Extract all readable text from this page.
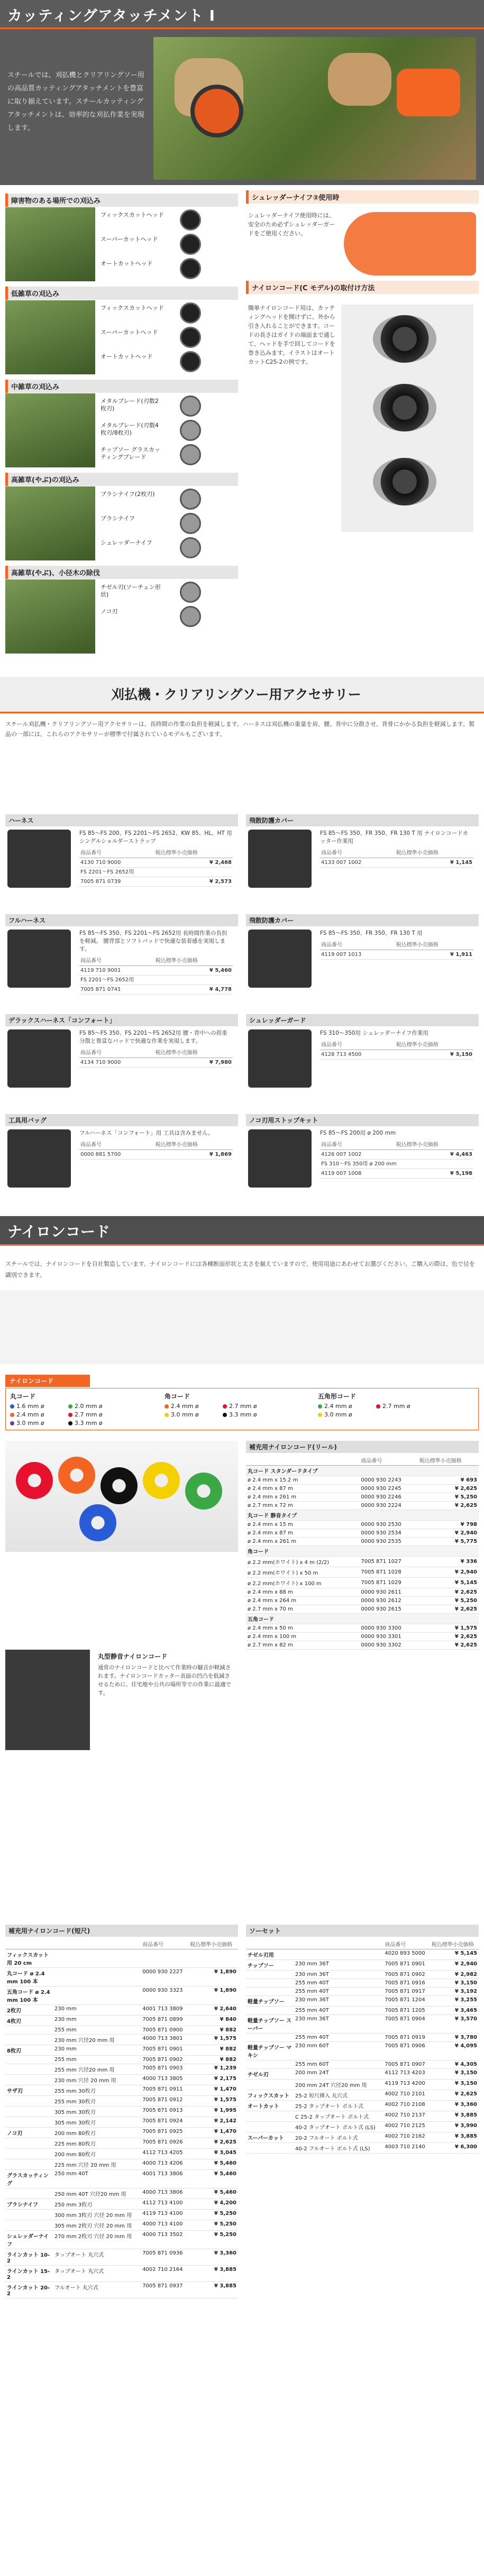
カッティングアタッチメント I
スチールでは、刈払機とクリアリングソー用の高品質カッティングアタッチメントを豊富に取り揃えています。スチールカッティングアタッチメントは、効率的な刈払作業を実現します。
障害物のある場所での刈込み
フィックスカットヘッド
スーパーカットヘッド
オートカットヘッド
低雑草の刈込み
フィックスカットヘッド
スーパーカットヘッド
オートカットヘッド
中雑草の刈込み
メタルブレード(刃数2枚刃)
メタルブレード(刃数4枚刃/8枚刃)
チップソー グラスカッティングブレード
高雑草(やぶ)の刈込み
ブラシナイフ(2枚刃)
ブラシナイフ
シュレッダーナイフ
高雑草(やぶ)、小径木の除伐
チゼル刃(ソーチェン形状)
ノコ刃
シュレッダーナイフ②使用時
シュレッダーナイフ使用時には、安全のため必ずシュレッダーガードをご使用ください。
ナイロンコード(C モデル)の取付け方法
簡単ナイロンコード用は、カッティングヘッドを開けずに、外から引き入れることができます。コードの長さはガイドの端面まで通して、ヘッドを手で回してコードを巻き込みます。イラストはオートカットC25-2の例です。
刈払機・クリアリングソー用アクセサリー
スチール刈払機・クリアリングソー用アクセサリーは、長時間の作業の負担を軽減します。ハーネスは刈払機の重量を肩、腰、背中に分散させ、背骨にかかる負担を軽減します。製品の一部には、これらのアクセサリーが標準で付属されているモデルもございます。
ハーネス
FS 85〜FS 200、FS 2201〜FS 2652、KW 85、HL、HT 用 シングルショルダーストラップ
商品番号	税込標準小売価格
4130 710 9000	¥ 2,468
FS 2201〜FS 2652用	
7005 871 0739	¥ 2,573
フルハーネス
FS 85〜FS 350、FS 2201〜FS 2652用 長時間作業の負担を軽減。 腰背部とソフトパッドで快適な装着感を実現します。
商品番号	税込標準小売価格
4119 710 9001	¥ 5,460
FS 2201〜FS 2652用	
7005 871 0741	¥ 4,778
デラックスハーネス「コンフォート」
FS 85〜FS 350、FS 2201〜FS 2652用 腰・背中への荷重分散と豊富なパッドで快適な作業を実現します。
商品番号	税込標準小売価格
4134 710 9000	¥ 7,980
工具用バッグ
フルハーネス「コンフォート」用 工具は含みません。
商品番号	税込標準小売価格
0000 881 5700	¥ 1,869
飛散防護カバー
FS 85〜FS 350、FR 350、FR 130 T 用 ナイロンコードカッター作業用
商品番号	税込標準小売価格
4133 007 1002	¥ 1,145
飛散防護カバー
FS 85〜FS 350、FR 350、FR 130 T 用
商品番号	税込標準小売価格
4119 007 1013	¥ 1,911
シュレッダーガード
FS 310〜350用 シュレッダーナイフ作業用
商品番号	税込標準小売価格
4128 713 4500	¥ 3,150
ノコ刃用ストップキット
FS 85〜FS 200用 ø 200 mm
商品番号	税込標準小売価格
4126 007 1002	¥ 4,463
FS 310〜FS 350用 ø 200 mm	
4119 007 1008	¥ 5,198
ナイロンコード
スチールでは、ナイロンコードを自社製造しています。ナイロンコードには各種断面形状と太さを揃えていますので、使用用途にあわせてお選びください。ご購入の際は、色で径を識別できます。
ナイロンコード
丸コード
1.6 mm ø	2.0 mm ø
2.4 mm ø	2.7 mm ø
3.0 mm ø	3.3 mm ø
角コード
2.4 mm ø	2.7 mm ø
3.0 mm ø	3.3 mm ø
五角形コード
2.4 mm ø	2.7 mm ø
3.0 mm ø
補充用ナイロンコード(リール)
	商品番号	税込標準小売価格
丸コード スタンダードタイプ		
ø 2.4 mm x 15.2 m	0000 930 2243	¥ 693
ø 2.4 mm x 87 m	0000 930 2245	¥ 2,625
ø 2.4 mm x 261 m	0000 930 2246	¥ 5,250
ø 2.7 mm x 72 m	0000 930 2224	¥ 2,625
丸コード 静音タイプ		
ø 2.4 mm x 15 m	0000 930 2530	¥ 798
ø 2.4 mm x 87 m	0000 930 2534	¥ 2,940
ø 2.4 mm x 261 m	0000 930 2535	¥ 5,775
角コード		
ø 2.2 mm(ホワイト) x 4 m (2/2)	7005 871 1027	¥ 336
ø 2.2 mm(ホワイト) x 50 m	7005 871 1028	¥ 2,940
ø 2.2 mm(ホワイト) x 100 m	7005 871 1029	¥ 5,145
ø 2.4 mm x 88 m	0000 930 2611	¥ 2,625
ø 2.4 mm x 264 m	0000 930 2612	¥ 5,250
ø 2.7 mm x 70 m	0000 930 2615	¥ 2,625
五角コード		
ø 2.4 mm x 50 m	0000 930 3300	¥ 1,575
ø 2.4 mm x 100 m	0000 930 3301	¥ 2,625
ø 2.7 mm x 82 m	0000 930 3302	¥ 2,625
丸型静音ナイロンコード
通常のナイロンコードと比べて作業時の騒音が軽減されます。ナイロンコードカッター表面の凹凸を低減させるために、住宅地や公共の場所等での作業に最適です。
補充用ナイロンコード(短尺)
		商品番号	税込標準小売価格
フィックスカット用 20 cm			
丸コード ø 2.4 mm 100 本		0000 930 2227	¥ 1,890
五角コード ø 2.4 mm 100 本		0000 930 3323	¥ 1,890
2枚刃	230 mm	4001 713 3809	¥ 2,640
4枚刃	230 mm	7005 871 0899	¥ 840
	255 mm	7005 871 0900	¥ 882
	230 mm 穴径20 mm 用	4000 713 3801	¥ 1,575
8枚刃	230 mm	7005 871 0901	¥ 882
	255 mm	7005 871 0902	¥ 882
	255 mm 穴径20 mm 用	7005 871 0903	¥ 1,239
	230 mm 穴径 20 mm 用	4000 713 3805	¥ 2,175
サザ刃	255 mm 30枚刃	7005 871 0911	¥ 1,470
	255 mm 30枚刃	7005 871 0912	¥ 1,575
	305 mm 30枚刃	7005 871 0913	¥ 1,995
	305 mm 30枚刃	7005 871 0924	¥ 2,142
ノコ刃	200 mm 80枚刃	7005 871 0925	¥ 1,470
	225 mm 80枚刃	7005 871 0926	¥ 2,625
	200 mm 80枚刃	4112 713 4205	¥ 3,045
	225 mm 穴径 20 mm 用	4000 713 4206	¥ 5,460
グラスカッティング	250 mm 40T	4001 713 3806	¥ 5,460
	250 mm 40T 穴径20 mm 用	4000 713 3806	¥ 5,460
ブラシナイフ	250 mm 3枚刃	4112 713 4100	¥ 4,200
	300 mm 3枚刃 穴径 20 mm 用	4119 713 4100	¥ 5,250
	305 mm 2枚刃 穴径 20 mm 用	4000 713 4100	¥ 5,250
シュレッダーナイフ	270 mm 2枚刃 穴径 20 mm 用	4000 713 3502	¥ 5,250
ラインカット 10-2	タップオート 丸穴式	7005 871 0936	¥ 3,360
ラインカット 15-2	タップオート 丸穴式	4002 710 2164	¥ 3,885
ラインカット 20-2	フルオート 丸穴式	7005 871 0937	¥ 3,885
ソーセット
		商品番号	税込標準小売価格
チゼル刃用		4020 893 5000	¥ 5,145
チップソー	230 mm 36T	7005 871 0901	¥ 2,940
	230 mm 36T	7005 871 0902	¥ 2,982
	255 mm 40T	7005 871 0916	¥ 3,150
	255 mm 40T	7005 871 0917	¥ 3,192
軽量チップソー	230 mm 36T	7005 871 1204	¥ 3,255
	255 mm 40T	7005 871 1205	¥ 3,465
軽量チップソー スーパー	230 mm 36T	7005 871 0904	¥ 3,570
	255 mm 40T	7005 871 0919	¥ 3,780
軽量チップソー マキシ	230 mm 60T	7005 871 0906	¥ 4,095
	255 mm 60T	7005 871 0907	¥ 4,305
チゼル刃	200 mm 24T	4112 713 4203	¥ 3,150
	200 mm 24T 穴径20 mm 用	4119 713 4200	¥ 3,150
フィックスカット	25-2 短尺挿入 丸穴式	4002 710 2101	¥ 2,625
オートカット	25-2 タップオート ボルト式	4002 710 2108	¥ 3,360
	C 25-2 タップオート ボルト式	4002 710 2137	¥ 3,885
	40-2 タップオート ボルト式 (LS)	4002 710 2125	¥ 3,990
スーパーカット	20-2 フルオート ボルト式	4002 710 2162	¥ 3,885
	40-2 フルオート ボルト式 (LS)	4003 710 2140	¥ 6,300
